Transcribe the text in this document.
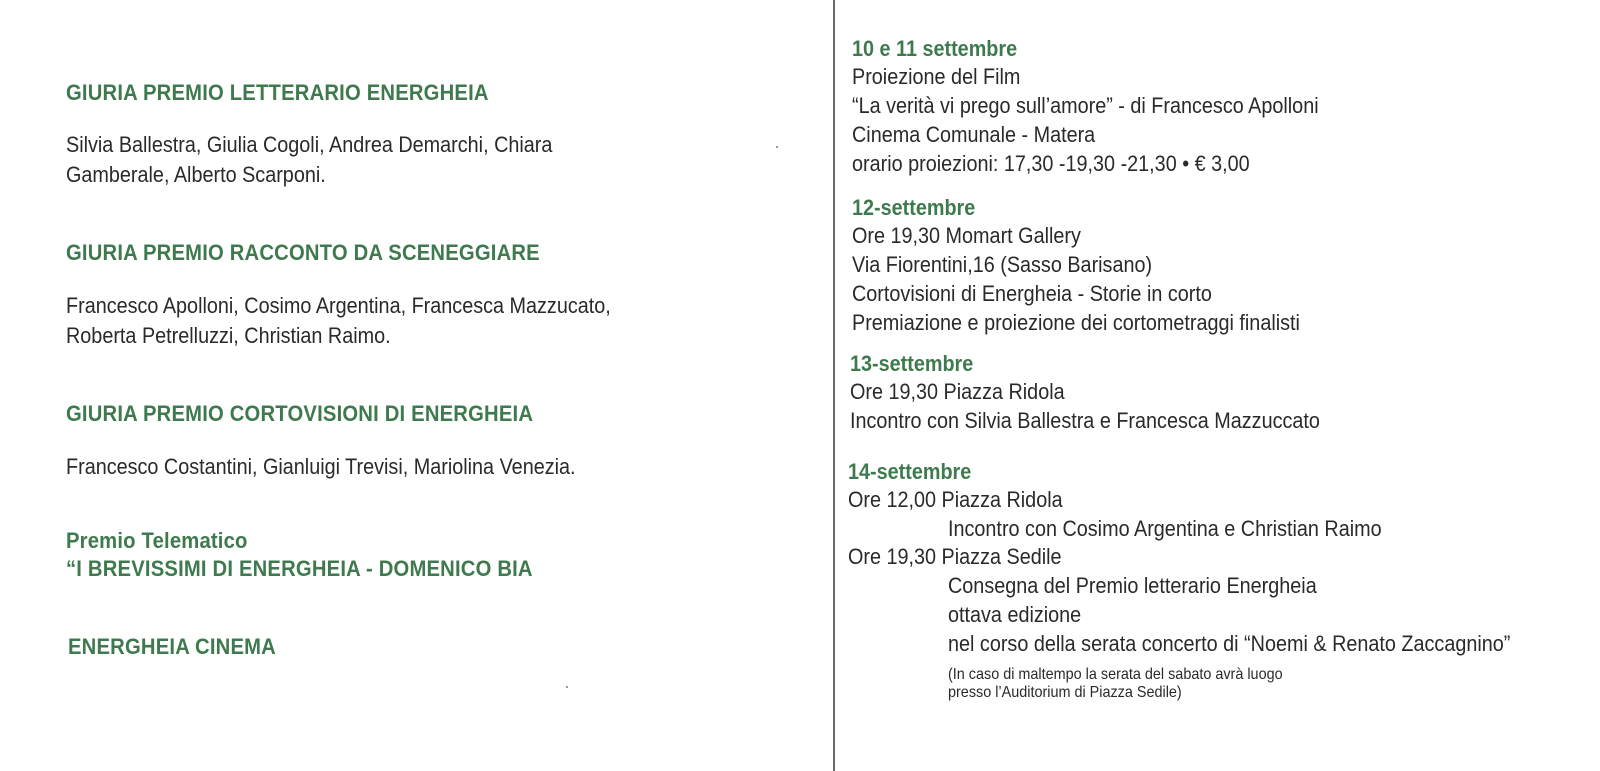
GIURIA PREMIO LETTERARIO ENERGHEIA
Silvia Ballestra, Giulia Cogoli, Andrea Demarchi, Chiara
Gamberale, Alberto Scarponi.
GIURIA PREMIO RACCONTO DA SCENEGGIARE
Francesco Apolloni, Cosimo Argentina, Francesca Mazzucato,
Roberta Petrelluzzi, Christian Raimo.
GIURIA PREMIO CORTOVISIONI DI ENERGHEIA
Francesco Costantini, Gianluigi Trevisi, Mariolina Venezia.
Premio Telematico
“I BREVISSIMI DI ENERGHEIA - DOMENICO BIA
ENERGHEIA CINEMA
10 e 11 settembre
Proiezione del Film
“La verità vi prego sull’amore” - di Francesco Apolloni
Cinema Comunale - Matera
orario proiezioni: 17,30 -19,30 -21,30 • € 3,00
12-settembre
Ore 19,30 Momart Gallery
Via Fiorentini,16 (Sasso Barisano)
Cortovisioni di Energheia - Storie in corto
Premiazione e proiezione dei cortometraggi finalisti
13-settembre
Ore 19,30 Piazza Ridola
Incontro con Silvia Ballestra e Francesca Mazzuccato
14-settembre
Ore 12,00 Piazza Ridola
Incontro con Cosimo Argentina e Christian Raimo
Ore 19,30 Piazza Sedile
Consegna del Premio letterario Energheia
ottava edizione
nel corso della serata concerto di “Noemi & Renato Zaccagnino”
(In caso di maltempo la serata del sabato avrà luogo
presso l’Auditorium di Piazza Sedile)
